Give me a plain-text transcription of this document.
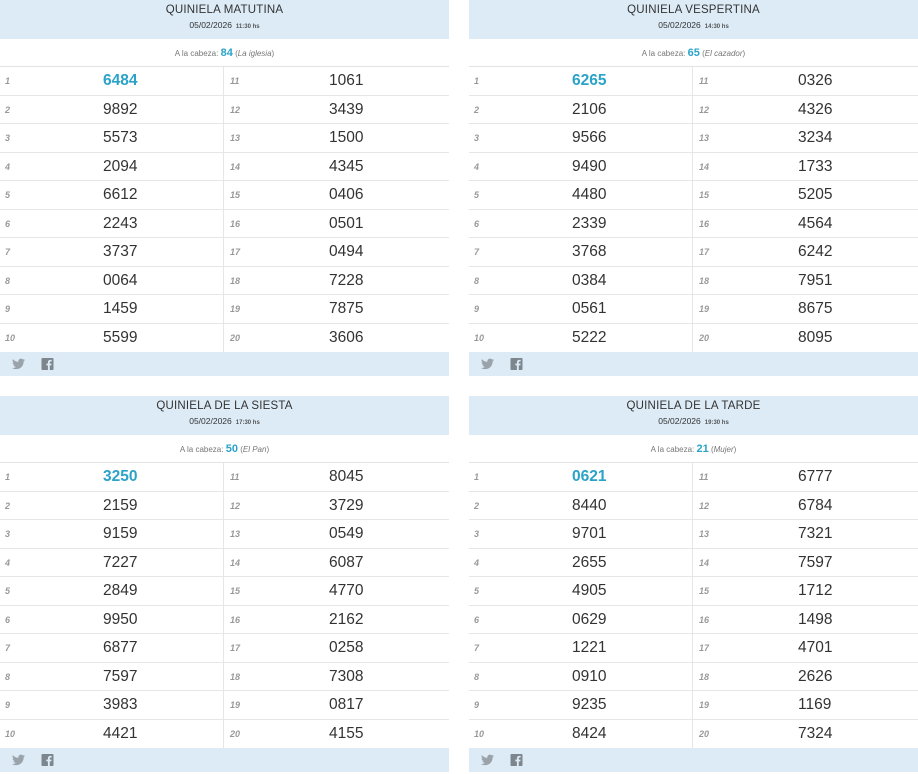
QUINIELA MATUTINA
05/02/2026 11:30 hs
A la cabeza: 84 (La iglesia)
1	6484	11	1061
2	9892	12	3439
3	5573	13	1500
4	2094	14	4345
5	6612	15	0406
6	2243	16	0501
7	3737	17	0494
8	0064	18	7228
9	1459	19	7875
10	5599	20	3606
QUINIELA VESPERTINA
05/02/2026 14:30 hs
A la cabeza: 65 (El cazador)
1	6265	11	0326
2	2106	12	4326
3	9566	13	3234
4	9490	14	1733
5	4480	15	5205
6	2339	16	4564
7	3768	17	6242
8	0384	18	7951
9	0561	19	8675
10	5222	20	8095
QUINIELA DE LA SIESTA
05/02/2026 17:30 hs
A la cabeza: 50 (El Pan)
1	3250	11	8045
2	2159	12	3729
3	9159	13	0549
4	7227	14	6087
5	2849	15	4770
6	9950	16	2162
7	6877	17	0258
8	7597	18	7308
9	3983	19	0817
10	4421	20	4155
QUINIELA DE LA TARDE
05/02/2026 19:30 hs
A la cabeza: 21 (Mujer)
1	0621	11	6777
2	8440	12	6784
3	9701	13	7321
4	2655	14	7597
5	4905	15	1712
6	0629	16	1498
7	1221	17	4701
8	0910	18	2626
9	9235	19	1169
10	8424	20	7324
